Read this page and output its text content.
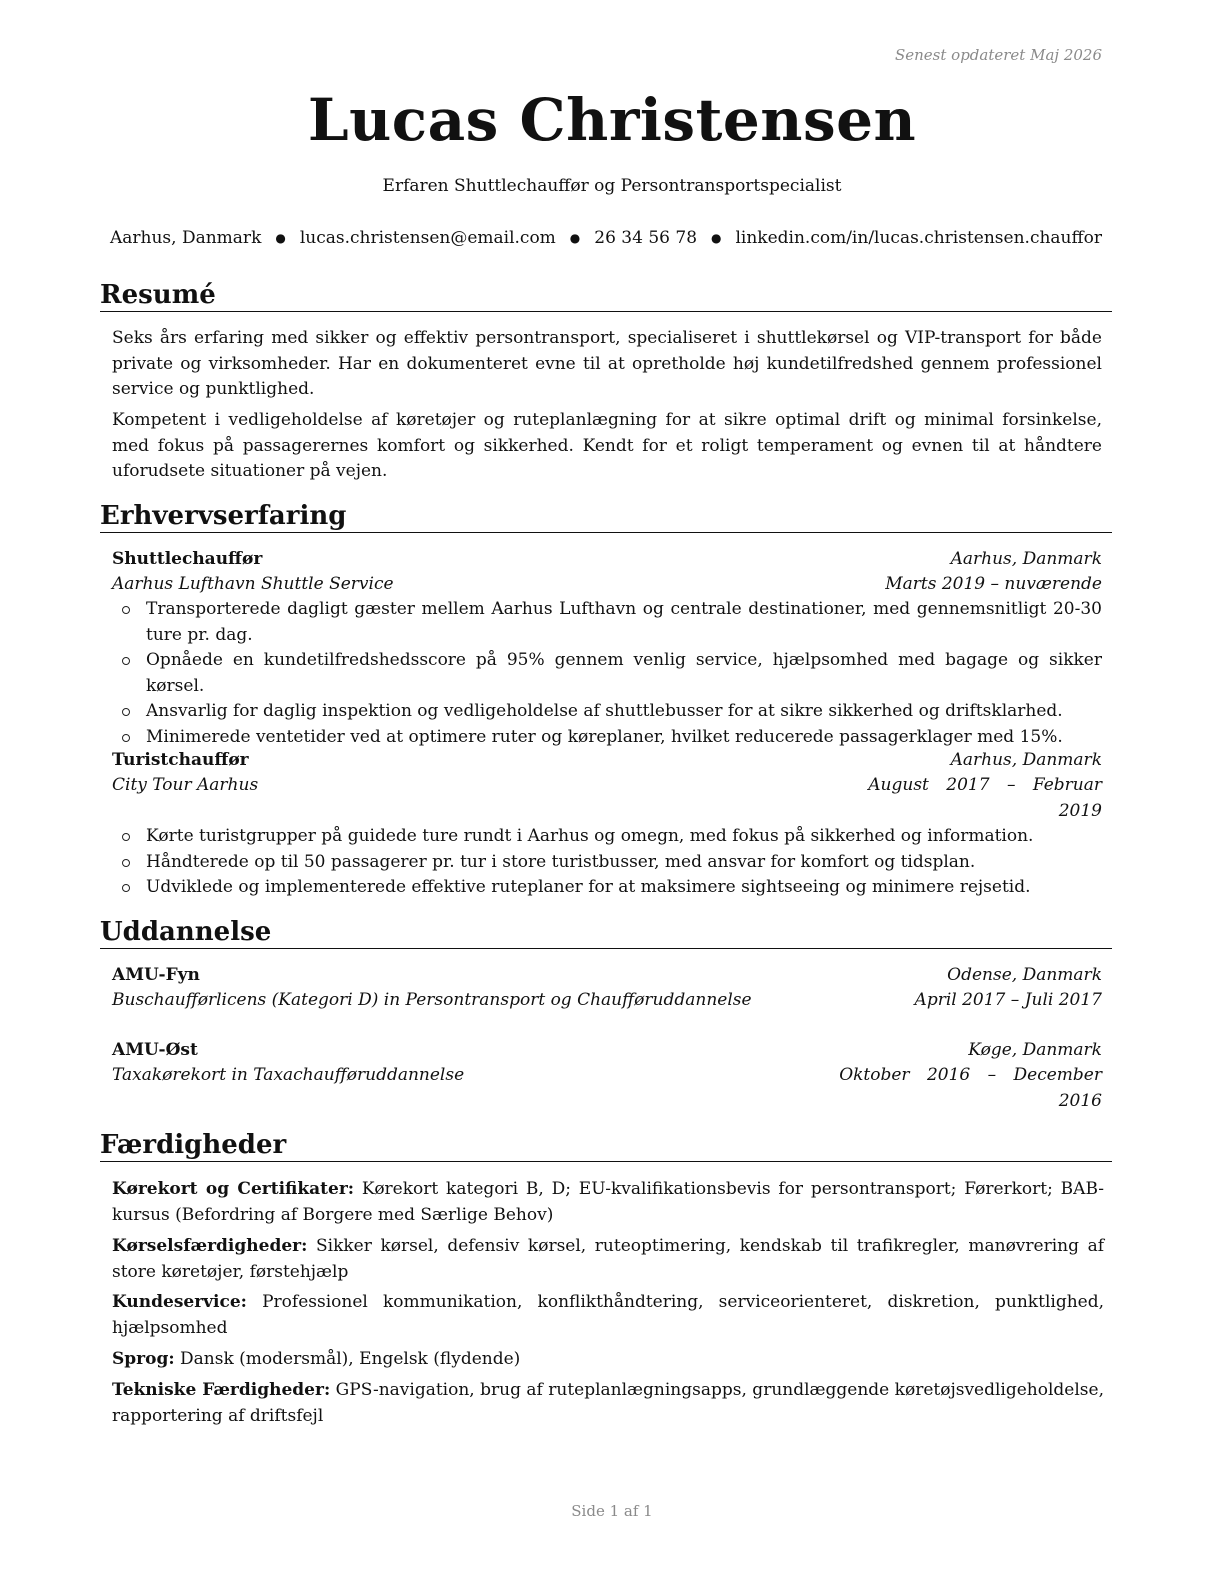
Senest opdateret Maj 2026
Lucas Christensen
Erfaren Shuttlechauffør og Persontransportspecialist
Aarhus, Danmark ● lucas.christensen@email.com ● 26 34 56 78 ● linkedin.com/in/lucas.christensen.chauffor
Resumé

Seks års erfaring med sikker og effektiv persontransport, specialiseret i shuttlekørsel og VIP-transport for både private og virksomheder. Har en dokumenteret evne til at opretholde høj kundetilfredshed gennem professionel service og punktlighed.

Kompetent i vedligeholdelse af køretøjer og ruteplanlægning for at sikre optimal drift og minimal forsinkelse, med fokus på passagerernes komfort og sikkerhed. Kendt for et roligt temperament og evnen til at håndtere uforudsete situationer på vejen.

Erhvervserfaring
Shuttlechauffør	Aarhus, Danmark
Aarhus Lufthavn Shuttle Service	Marts 2019 – nuværende
Transporterede dagligt gæster mellem Aarhus Lufthavn og centrale destinationer, med gennemsnitligt 20-30 ture pr. dag.
Opnåede en kundetilfredshedsscore på 95% gennem venlig service, hjælpsomhed med bagage og sikker kørsel.
Ansvarlig for daglig inspektion og vedligeholdelse af shuttlebusser for at sikre sikkerhed og driftsklarhed.
Minimerede ventetider ved at optimere ruter og køreplaner, hvilket reducerede passagerklager med 15%.
Turistchauffør	Aarhus, Danmark
City Tour Aarhus	August 2017 – Februar
2019
Kørte turistgrupper på guidede ture rundt i Aarhus og omegn, med fokus på sikkerhed og information.
Håndterede op til 50 passagerer pr. tur i store turistbusser, med ansvar for komfort og tidsplan.
Udviklede og implementerede effektive ruteplaner for at maksimere sightseeing og minimere rejsetid.
Uddannelse
AMU-Fyn	Odense, Danmark
Buschaufførlicens (Kategori D) in Persontransport og Chaufføruddannelse	April 2017 – Juli 2017
AMU-Øst	Køge, Danmark
Taxakørekort in Taxachaufføruddannelse	Oktober 2016 – December
2016
Færdigheder

Kørekort og Certifikater: Kørekort kategori B, D; EU-kvalifikationsbevis for persontransport; Førerkort; BAB-kursus (Befordring af Borgere med Særlige Behov)

Kørselsfærdigheder: Sikker kørsel, defensiv kørsel, ruteoptimering, kendskab til trafikregler, manøvrering af store køretøjer, førstehjælp

Kundeservice: Professionel kommunikation, konflikthåndtering, serviceorienteret, diskretion, punktlighed, hjælpsomhed

Sprog: Dansk (modersmål), Engelsk (flydende)

Tekniske Færdigheder: GPS-navigation, brug af ruteplanlægningsapps, grundlæggende køretøjsvedligeholdelse, rapportering af driftsfejl

Side 1 af 1
